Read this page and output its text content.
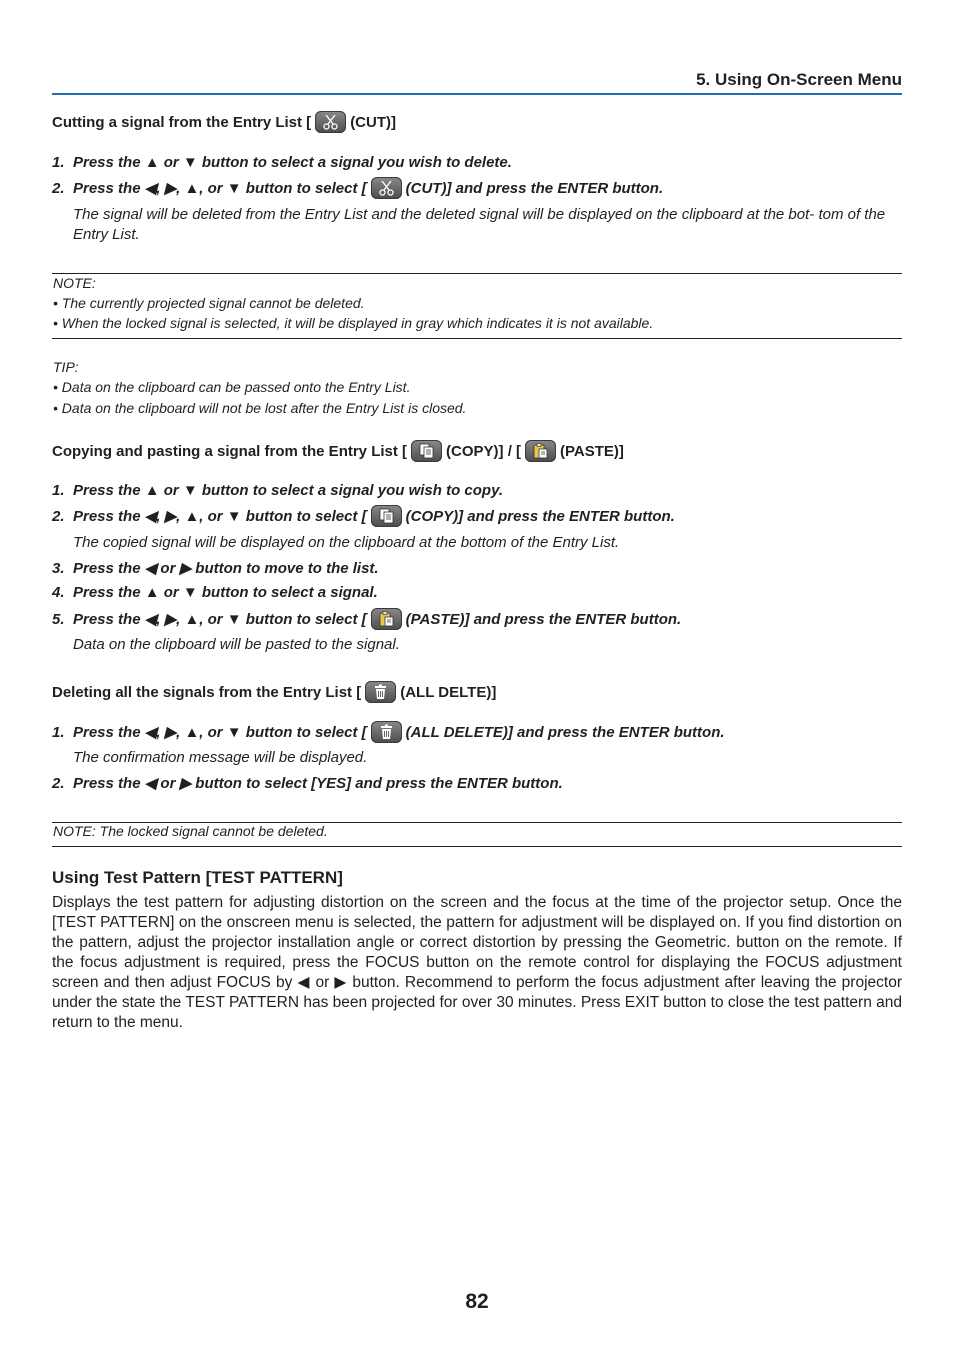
5. Using On-Screen Menu
Cutting a signal from the Entry List [	(CUT)]
1. Press the ▲ or ▼ button to select a signal you wish to delete.
2. Press the ◀, ▶, ▲, or ▼ button to select [	(CUT)] and press the ENTER button.
The signal will be deleted from the Entry List and the deleted signal will be displayed on the clipboard at the bot- tom of the Entry List.
NOTE:
• The currently projected signal cannot be deleted.
• When the locked signal is selected, it will be displayed in gray which indicates it is not available.
TIP:
• Data on the clipboard can be passed onto the Entry List.
• Data on the clipboard will not be lost after the Entry List is closed.
Copying and pasting a signal from the Entry List [	(COPY)] / [	(PASTE)]
1. Press the ▲ or ▼ button to select a signal you wish to copy.
2. Press the ◀, ▶, ▲, or ▼ button to select [	(COPY)] and press the ENTER button.
The copied signal will be displayed on the clipboard at the bottom of the Entry List.
3. Press the ◀ or ▶ button to move to the list.
4. Press the ▲ or ▼ button to select a signal.
5. Press the ◀, ▶, ▲, or ▼ button to select [	(PASTE)] and press the ENTER button.
Data on the clipboard will be pasted to the signal.
Deleting all the signals from the Entry List [	(ALL DELTE)]
1. Press the ◀, ▶, ▲, or ▼ button to select [	(ALL DELETE)] and press the ENTER button.
The confirmation message will be displayed.
2. Press the ◀ or ▶ button to select [YES] and press the ENTER button.
NOTE: The locked signal cannot be deleted.
Using Test Pattern [TEST PATTERN]
Displays the test pattern for adjusting distortion on the screen and the focus at the time of the projector setup. Once the [TEST PATTERN] on the onscreen menu is selected, the pattern for adjustment will be displayed on. If you find distortion on the pattern, adjust the projector installation angle or correct distortion by pressing the Geometric. button on the remote. If the focus adjustment is required, press the FOCUS button on the remote control for displaying the FOCUS adjustment screen and then adjust FOCUS by ◀ or ▶ button. Recommend to perform the focus adjustment after leaving the projector under the state the TEST PATTERN has been projected for over 30 minutes. Press EXIT button to close the test pattern and return to the menu.
82
